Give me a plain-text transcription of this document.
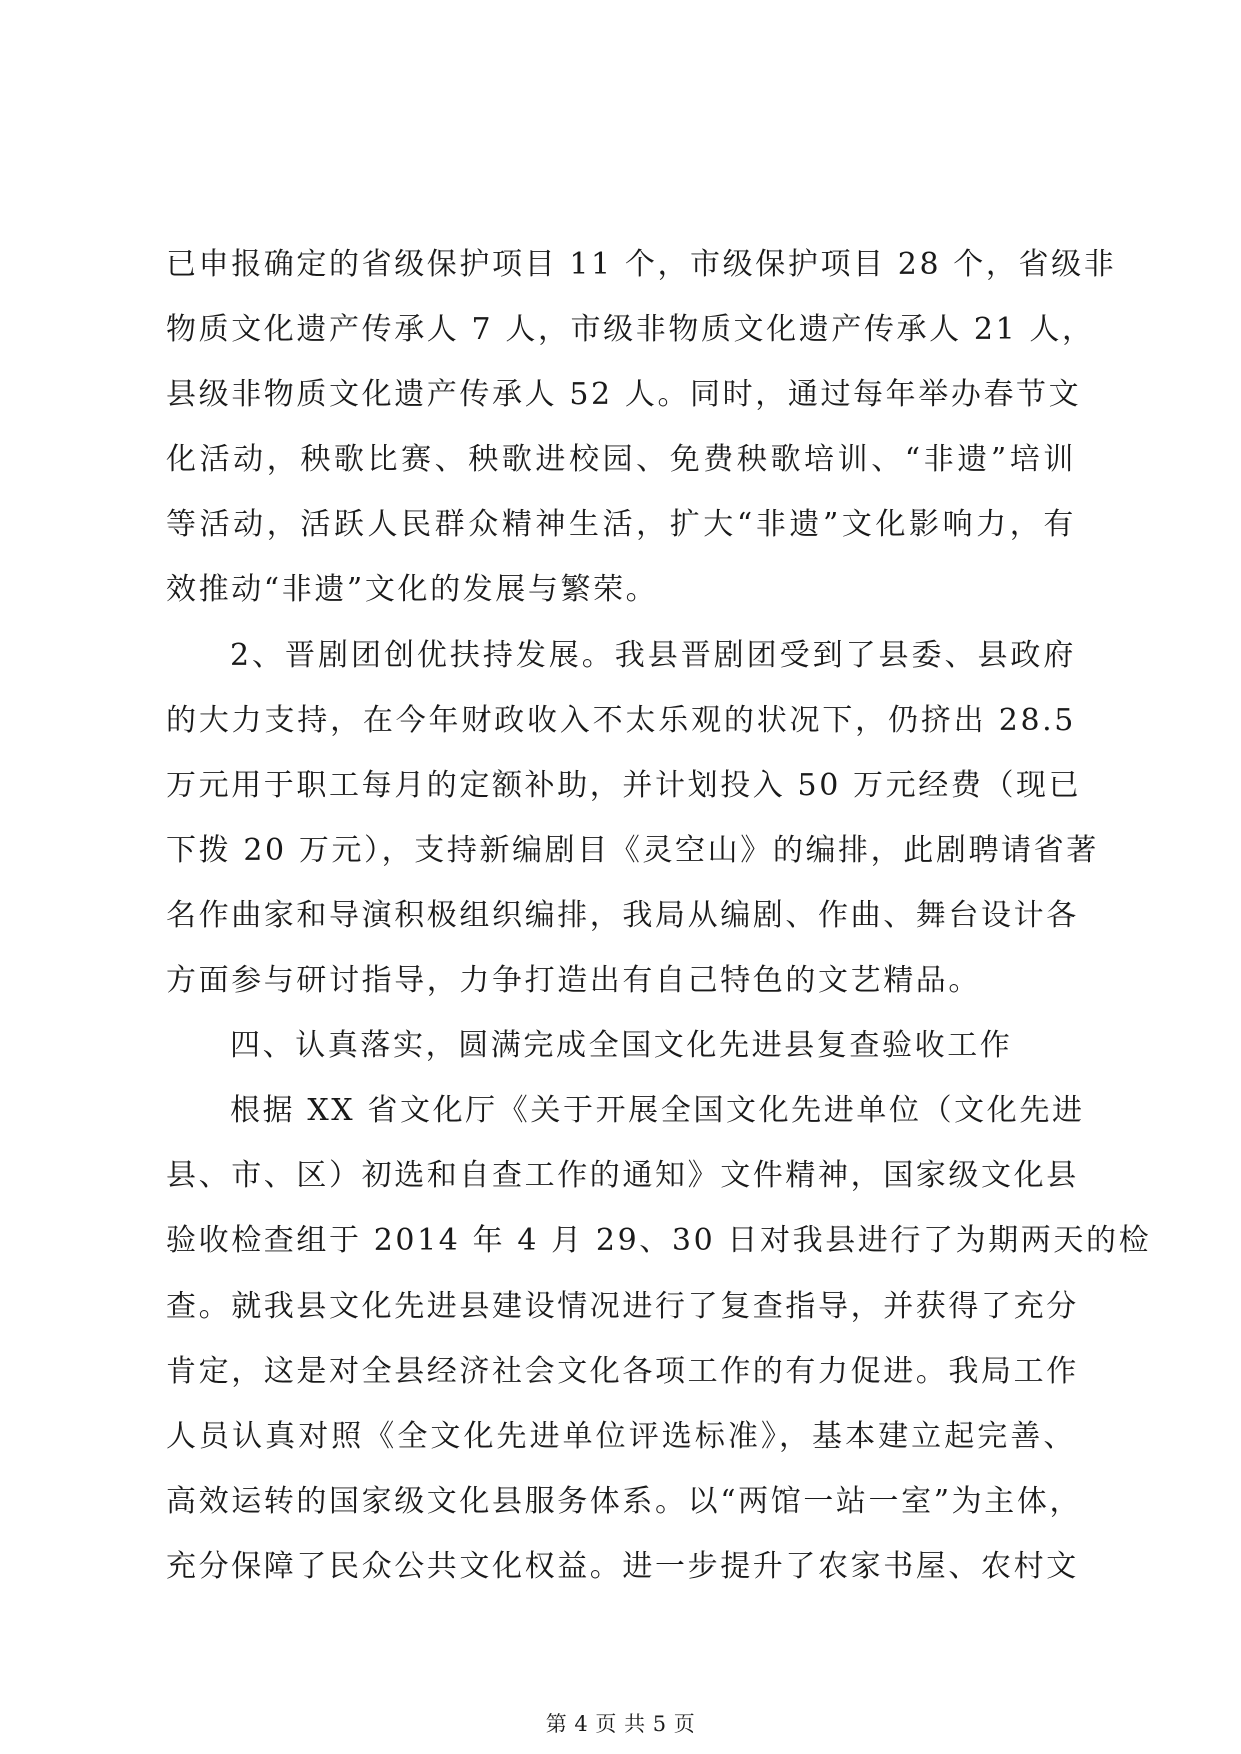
已申报确定的省级保护项目 11 个，市级保护项目 28 个，省级非
物质文化遗产传承人 7 人，市级非物质文化遗产传承人 21 人，
县级非物质文化遗产传承人 52 人。同时，通过每年举办春节文
化活动，秧歌比赛、秧歌进校园、免费秧歌培训、“非遗”培训
等活动，活跃人民群众精神生活，扩大“非遗”文化影响力，有
效推动“非遗”文化的发展与繁荣。
2、晋剧团创优扶持发展。我县晋剧团受到了县委、县政府
的大力支持，在今年财政收入不太乐观的状况下，仍挤出 28.5
万元用于职工每月的定额补助，并计划投入 50 万元经费（现已
下拨 20 万元），支持新编剧目《灵空山》的编排，此剧聘请省著
名作曲家和导演积极组织编排，我局从编剧、作曲、舞台设计各
方面参与研讨指导，力争打造出有自己特色的文艺精品。
四、认真落实，圆满完成全国文化先进县复查验收工作
根据 XX 省文化厅《关于开展全国文化先进单位（文化先进
县、市、区）初选和自查工作的通知》文件精神，国家级文化县
验收检查组于 2014 年 4 月 29、30 日对我县进行了为期两天的检
查。就我县文化先进县建设情况进行了复查指导，并获得了充分
肯定，这是对全县经济社会文化各项工作的有力促进。我局工作
人员认真对照《全文化先进单位评选标准》，基本建立起完善、
高效运转的国家级文化县服务体系。以“两馆一站一室”为主体，
充分保障了民众公共文化权益。进一步提升了农家书屋、农村文
第 4 页 共 5 页
